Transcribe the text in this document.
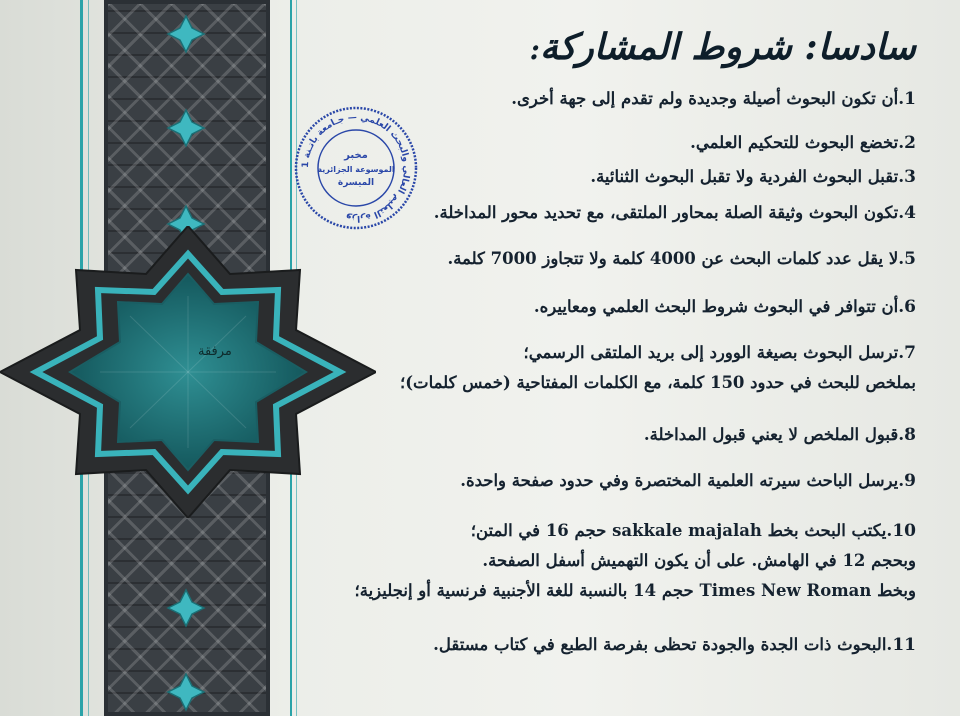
مرفقة
وزارة التعليم العالي والبحث العلمي — جـامعة باتـنة 1
مخبر
الموسوعة الجزائرية
الميسرة
سادسا: شروط المشاركة:
1.أن تكون البحوث أصيلة وجديدة ولم تقدم إلى جهة أخرى.
2.تخضع البحوث للتحكيم العلمي.
3.تقبل البحوث الفردية ولا تقبل البحوث الثنائية.
4.تكون البحوث وثيقة الصلة بمحاور الملتقى، مع تحديد محور المداخلة.
5.لا يقل عدد كلمات البحث عن 4000 كلمة ولا تتجاوز 7000 كلمة.
6.أن تتوافر في البحوث شروط البحث العلمي ومعاييره.
7.ترسل البحوث بصيغة الوورد إلى بريد الملتقى الرسمي؛
بملخص للبحث في حدود 150 كلمة، مع الكلمات المفتاحية (خمس كلمات)؛
8.قبول الملخص لا يعني قبول المداخلة.
9.يرسل الباحث سيرته العلمية المختصرة وفي حدود صفحة واحدة.
10.يكتب البحث بخط sakkale majalah حجم 16 في المتن؛
وبحجم 12 في الهامش. على أن يكون التهميش أسفل الصفحة.
وبخط Times New Roman حجم 14 بالنسبة للغة الأجنبية فرنسية أو إنجليزية؛
11.البحوث ذات الجدة والجودة تحظى بفرصة الطبع في كتاب مستقل.
